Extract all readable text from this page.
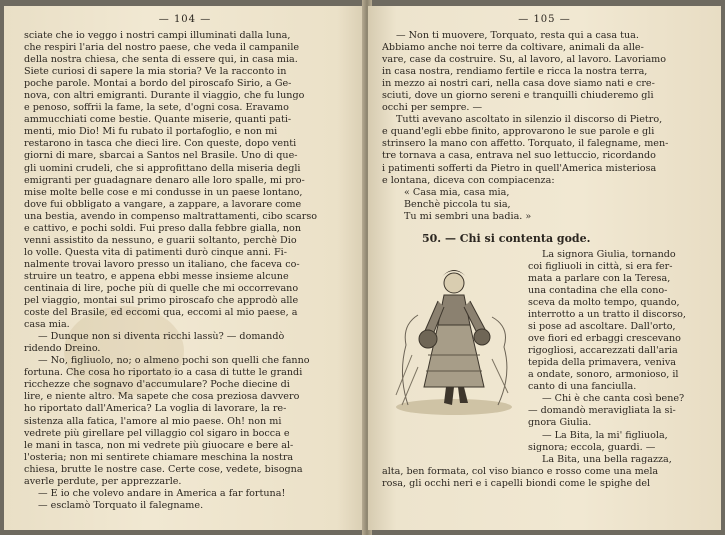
— 104 —
sciate che io veggo i nostri campi illuminati dalla luna,
che respiri l'aria del nostro paese, che veda il campanile
della nostra chiesa, che senta di essere qui, in casa mia.
Siete curiosi di sapere la mia storia? Ve la racconto in
poche parole. Montai a bordo del piroscafo Sirio, a Ge-
nova, con altri emigranti. Durante il viaggio, che fu lungo
e penoso, soffrii la fame, la sete, d'ogni cosa. Eravamo
ammucchiati come bestie. Quante miserie, quanti pati-
menti, mio Dio! Mi fu rubato il portafoglio, e non mi
restarono in tasca che dieci lire. Con queste, dopo venti
giorni di mare, sbarcai a Santos nel Brasile. Uno di que-
gli uomini crudeli, che si approfittano della miseria degli
emigranti per guadagnare denaro alle loro spalle, mi pro-
mise molte belle cose e mi condusse in un paese lontano,
dove fui obbligato a vangare, a zappare, a lavorare come
una bestia, avendo in compenso maltrattamenti, cibo scarso
e cattivo, e pochi soldi. Fui preso dalla febbre gialla, non
venni assistito da nessuno, e guarii soltanto, perchè Dio
lo volle. Questa vita di patimenti durò cinque anni. Fi-
nalmente trovai lavoro presso un italiano, che faceva co-
struire un teatro, e appena ebbi messe insieme alcune
centinaia di lire, poche più di quelle che mi occorrevano
pel viaggio, montai sul primo piroscafo che approdò alle
coste del Brasile, ed eccomi qua, eccomi al mio paese, a
casa mia.
— Dunque non si diventa ricchi lassù? — domandò
ridendo Dreino.
— No, figliuolo, no; o almeno pochi son quelli che fanno
fortuna. Che cosa ho riportato io a casa di tutte le grandi
ricchezze che sognavo d'accumulare? Poche diecine di
lire, e niente altro. Ma sapete che cosa preziosa davvero
ho riportato dall'America? La voglia di lavorare, la re-
sistenza alla fatica, l'amore al mio paese. Oh! non mi
vedrete più girellare pel villaggio col sigaro in bocca e
le mani in tasca, non mi vedrete più giuocare e bere al-
l'osteria; non mi sentirete chiamare meschina la nostra
chiesa, brutte le nostre case. Certe cose, vedete, bisogna
averle perdute, per apprezzarle.
— E io che volevo andare in America a far fortuna!
— esclamò Torquato il falegname.
— 105 —
— Non ti muovere, Torquato, resta qui a casa tua.
Abbiamo anche noi terre da coltivare, animali da alle-
vare, case da costruire. Su, al lavoro, al lavoro. Lavoriamo
in casa nostra, rendiamo fertile e ricca la nostra terra,
in mezzo ai nostri cari, nella casa dove siamo nati e cre-
sciuti, dove un giorno sereni e tranquilli chiuderemo gli
occhi per sempre. —
Tutti avevano ascoltato in silenzio il discorso di Pietro,
e quand'egli ebbe finito, approvarono le sue parole e gli
strinsero la mano con affetto. Torquato, il falegname, men-
tre tornava a casa, entrava nel suo lettuccio, ricordando
i patimenti sofferti da Pietro in quell'America misteriosa
e lontana, diceva con compiacenza:
« Casa mia, casa mia,
Benchè piccola tu sia,
Tu mi sembri una badia. »
50. — Chi si contenta gode.
La signora Giulia, tornando
coi figliuoli in città, si era fer-
mata a parlare con la Teresa,
una contadina che ella cono-
sceva da molto tempo, quando,
interrotto a un tratto il discorso,
si pose ad ascoltare. Dall'orto,
ove fiori ed erbaggi crescevano
rigogliosi, accarezzati dall'aria
tepida della primavera, veniva
a ondate, sonoro, armonioso, il
canto di una fanciulla.
— Chi è che canta così bene?
— domandò meravigliata la si-
gnora Giulia.
— La Bita, la mi' figliuola,
signora; eccola, guardi. —
La Bita, una bella ragazza,
alta, ben formata, col viso bianco e rosso come una mela
rosa, gli occhi neri e i capelli biondi come le spighe del
